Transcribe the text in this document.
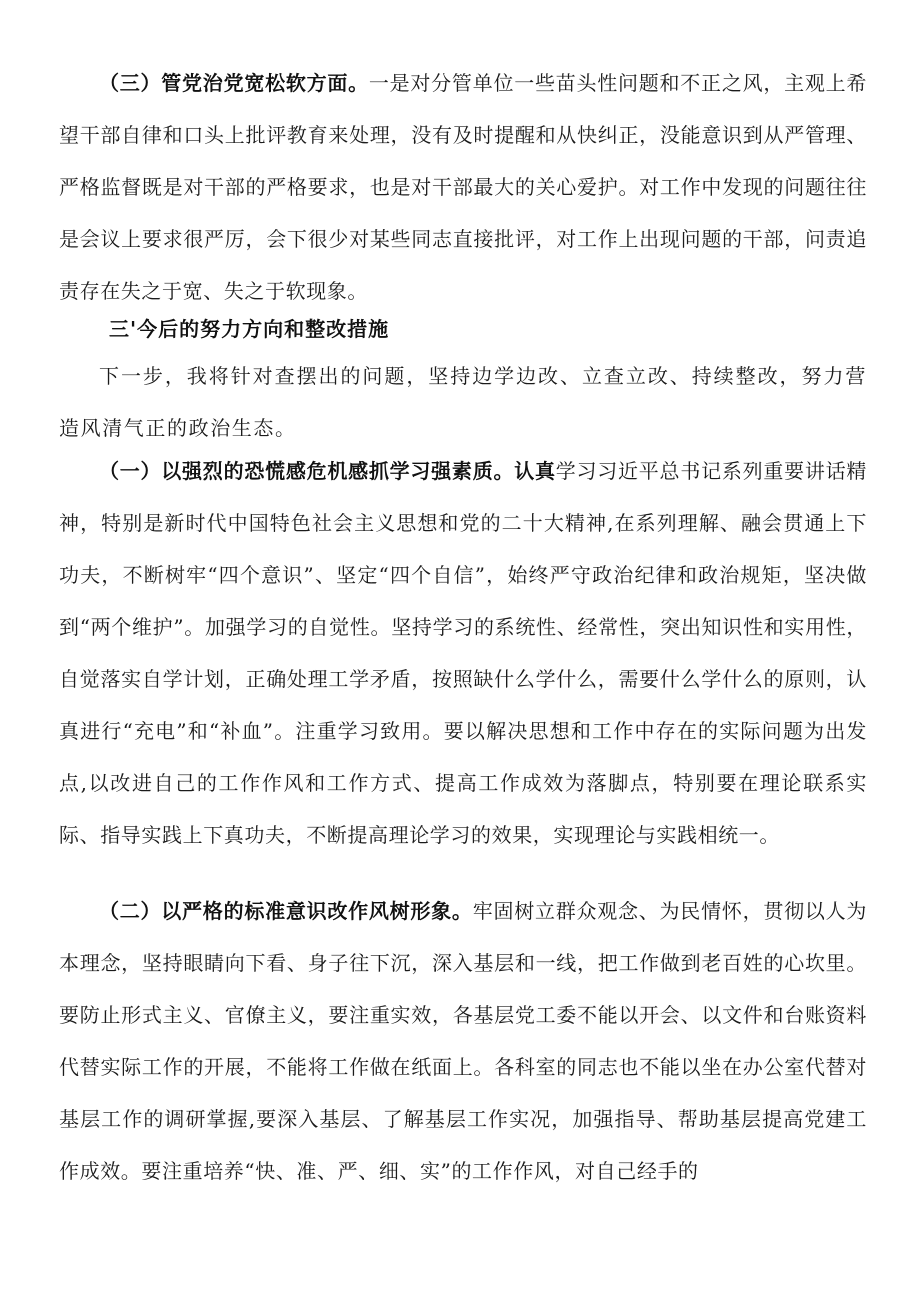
（三）管党治党宽松软方面。一是对分管单位一些苗头性问题和不正之风，主观上希望干部自律和口头上批评教育来处理，没有及时提醒和从快纠正，没能意识到从严管理、严格监督既是对干部的严格要求，也是对干部最大的关心爱护。对工作中发现的问题往往是会议上要求很严厉，会下很少对某些同志直接批评，对工作上出现问题的干部，问责追责存在失之于宽、失之于软现象。

三'今后的努力方向和整改措施

下一步，我将针对查摆出的问题，坚持边学边改、立查立改、持续整改，努力营造风清气正的政治生态。

（一）以强烈的恐慌感危机感抓学习强素质。认真学习习近平总书记系列重要讲话精神，特别是新时代中国特色社会主义思想和党的二十大精神,在系列理解、融会贯通上下功夫，不断树牢“四个意识”、坚定“四个自信”，始终严守政治纪律和政治规矩，坚决做到“两个维护”。加强学习的自觉性。坚持学习的系统性、经常性，突出知识性和实用性，自觉落实自学计划，正确处理工学矛盾，按照缺什么学什么，需要什么学什么的原则，认真进行“充电”和“补血”。注重学习致用。要以解决思想和工作中存在的实际问题为出发点,以改进自己的工作作风和工作方式、提高工作成效为落脚点，特别要在理论联系实际、指导实践上下真功夫，不断提高理论学习的效果，实现理论与实践相统一。

（二）以严格的标准意识改作风树形象。牢固树立群众观念、为民情怀，贯彻以人为本理念，坚持眼睛向下看、身子往下沉，深入基层和一线，把工作做到老百姓的心坎里。要防止形式主义、官僚主义，要注重实效，各基层党工委不能以开会、以文件和台账资料代替实际工作的开展，不能将工作做在纸面上。各科室的同志也不能以坐在办公室代替对基层工作的调研掌握,要深入基层、了解基层工作实况，加强指导、帮助基层提高党建工作成效。要注重培养“快、准、严、细、实”的工作作风，对自己经手的
